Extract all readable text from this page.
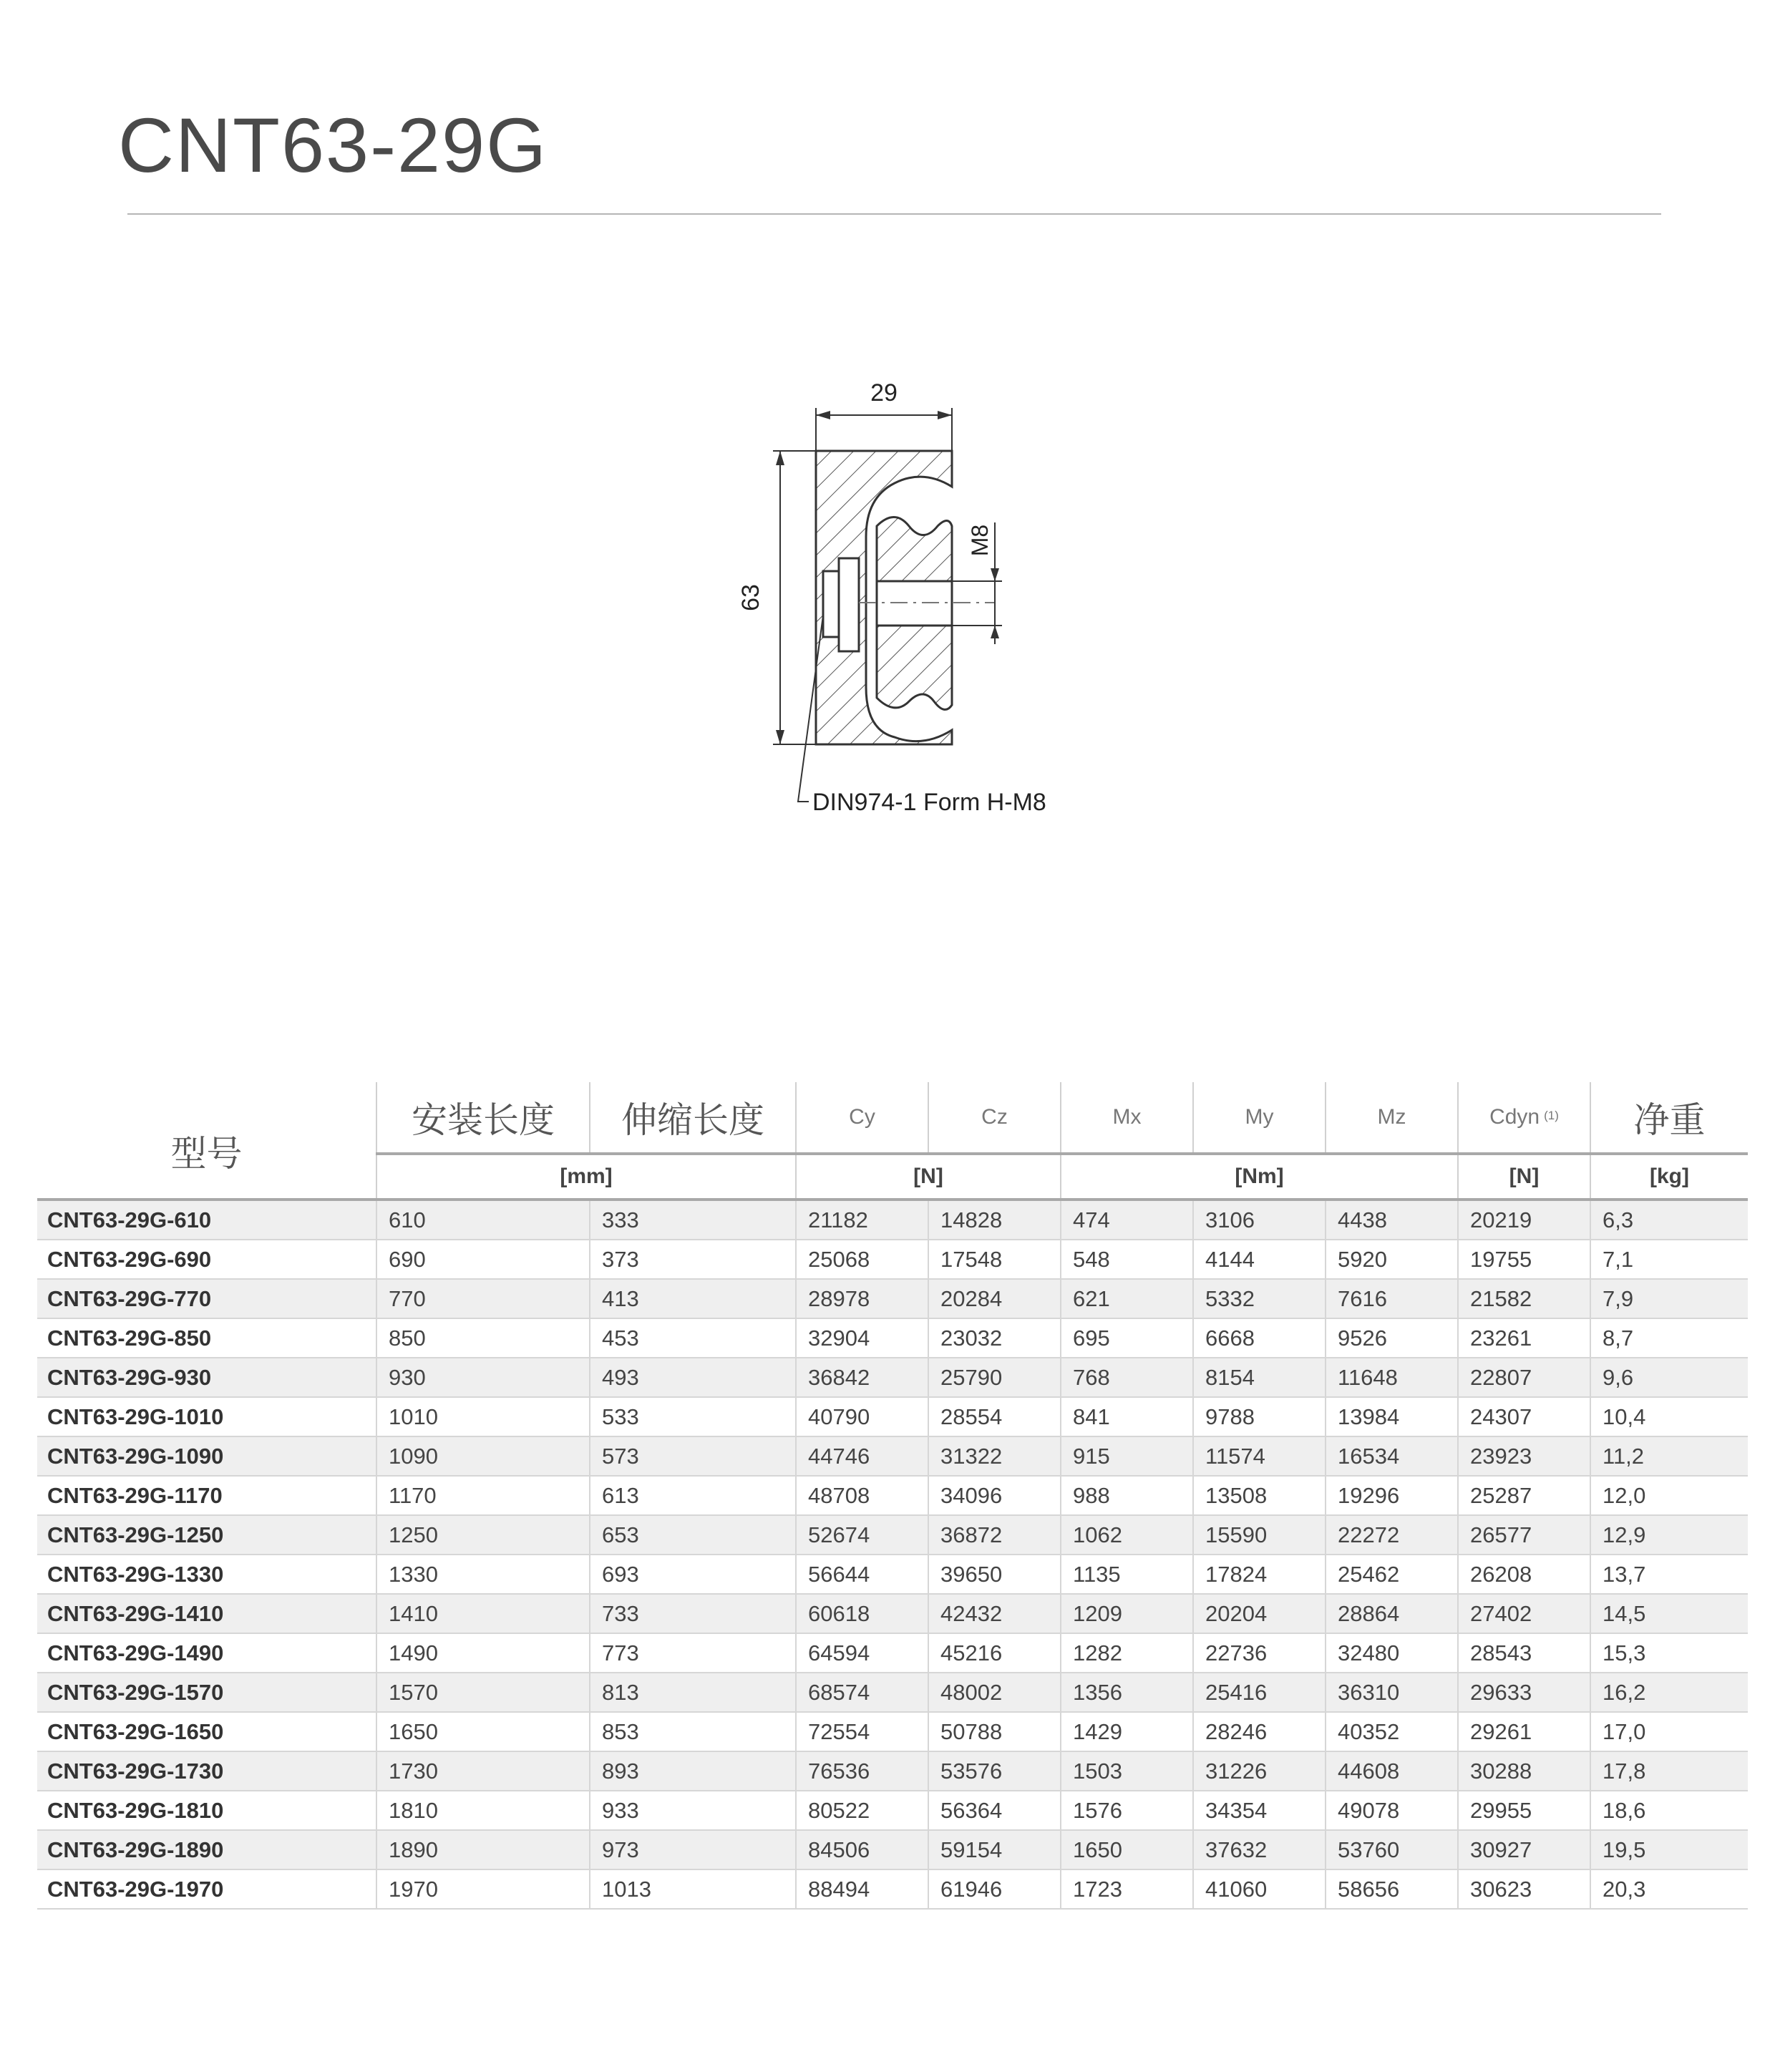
CNT63-29G
29
63
M8
DIN974-1 Form H-M8
型号	安装长度	伸缩长度	Cy	Cz	Mx	My	Mz	Cdyn (1)	净重
	[mm]		[N]		[Nm]			[N]	[kg]
CNT63-29G-610	610	333	21182	14828	474	3106	4438	20219	6,3
CNT63-29G-690	690	373	25068	17548	548	4144	5920	19755	7,1
CNT63-29G-770	770	413	28978	20284	621	5332	7616	21582	7,9
CNT63-29G-850	850	453	32904	23032	695	6668	9526	23261	8,7
CNT63-29G-930	930	493	36842	25790	768	8154	11648	22807	9,6
CNT63-29G-1010	1010	533	40790	28554	841	9788	13984	24307	10,4
CNT63-29G-1090	1090	573	44746	31322	915	11574	16534	23923	11,2
CNT63-29G-1170	1170	613	48708	34096	988	13508	19296	25287	12,0
CNT63-29G-1250	1250	653	52674	36872	1062	15590	22272	26577	12,9
CNT63-29G-1330	1330	693	56644	39650	1135	17824	25462	26208	13,7
CNT63-29G-1410	1410	733	60618	42432	1209	20204	28864	27402	14,5
CNT63-29G-1490	1490	773	64594	45216	1282	22736	32480	28543	15,3
CNT63-29G-1570	1570	813	68574	48002	1356	25416	36310	29633	16,2
CNT63-29G-1650	1650	853	72554	50788	1429	28246	40352	29261	17,0
CNT63-29G-1730	1730	893	76536	53576	1503	31226	44608	30288	17,8
CNT63-29G-1810	1810	933	80522	56364	1576	34354	49078	29955	18,6
CNT63-29G-1890	1890	973	84506	59154	1650	37632	53760	30927	19,5
CNT63-29G-1970	1970	1013	88494	61946	1723	41060	58656	30623	20,3
